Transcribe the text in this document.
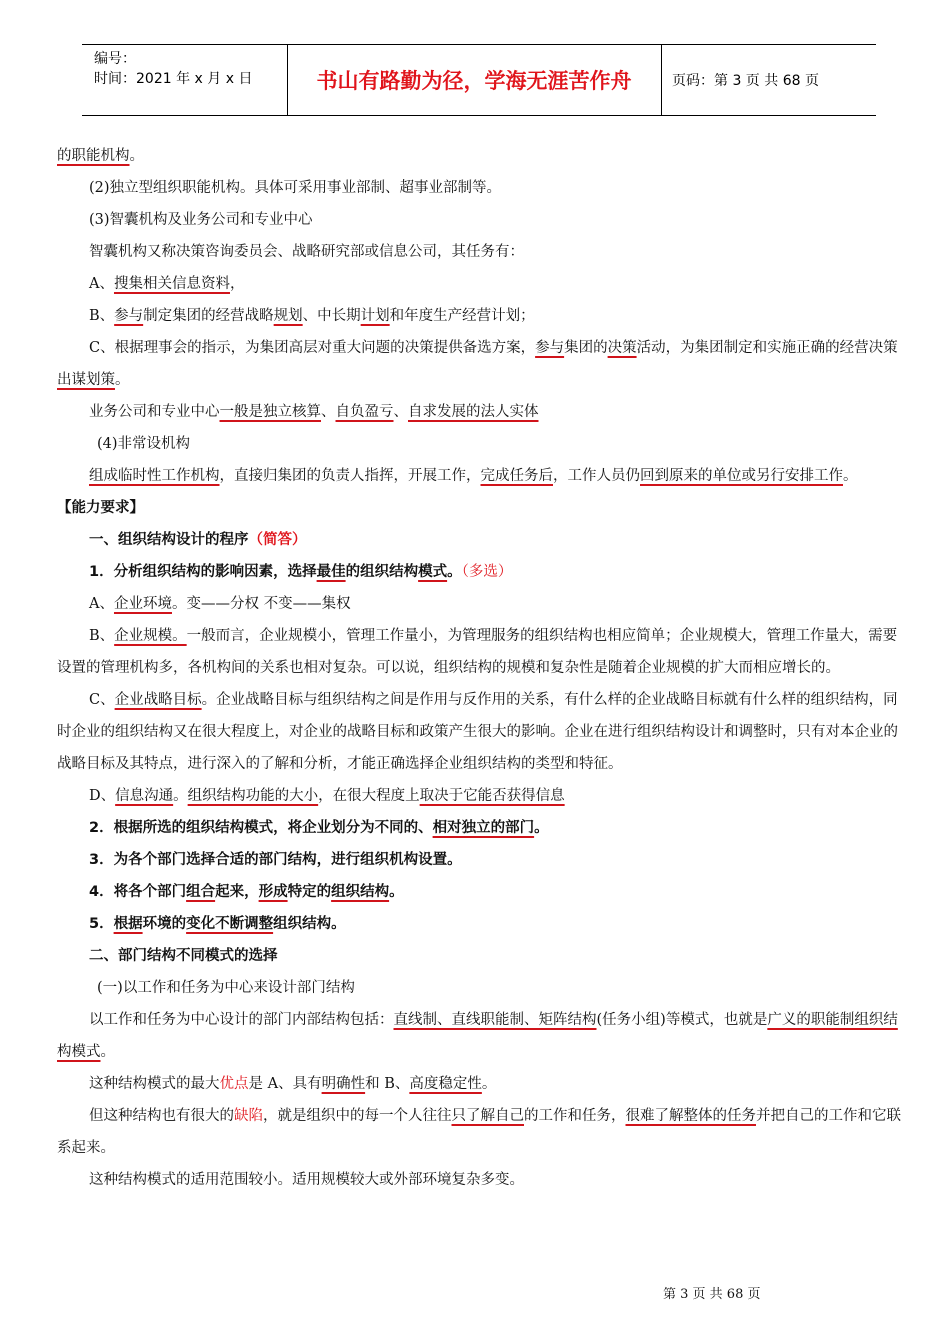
编号：
时间：2021 年 x 月 x 日	书山有路勤为径，学海无涯苦作舟	页码：第 3 页 共 68 页

的职能机构。

(2)独立型组织职能机构。具体可采用事业部制、超事业部制等。

(3)智囊机构及业务公司和专业中心

智囊机构又称决策咨询委员会、战略研究部或信息公司，其任务有：

A、搜集相关信息资料，

B、参与制定集团的经营战略规划、中长期计划和年度生产经营计划；

C、根据理事会的指示，为集团高层对重大问题的决策提供备选方案，参与集团的决策活动，为集团制定和实施正确的经营决策出谋划策。

业务公司和专业中心一般是独立核算、自负盈亏、自求发展的法人实体

(4)非常设机构

组成临时性工作机构，直接归集团的负责人指挥，开展工作，完成任务后，工作人员仍回到原来的单位或另行安排工作。

【能力要求】

一、组织结构设计的程序（简答）

1．分析组织结构的影响因素，选择最佳的组织结构模式。（多选）

A、企业环境。变——分权 不变——集权

B、企业规模。一般而言，企业规模小，管理工作量小，为管理服务的组织结构也相应简单；企业规模大，管理工作量大，需要设置的管理机构多，各机构间的关系也相对复杂。可以说，组织结构的规模和复杂性是随着企业规模的扩大而相应增长的。

C、企业战略目标。企业战略目标与组织结构之间是作用与反作用的关系，有什么样的企业战略目标就有什么样的组织结构，同时企业的组织结构又在很大程度上，对企业的战略目标和政策产生很大的影响。企业在进行组织结构设计和调整时，只有对本企业的战略目标及其特点，进行深入的了解和分析，才能正确选择企业组织结构的类型和特征。

D、信息沟通。组织结构功能的大小，在很大程度上取决于它能否获得信息

2．根据所选的组织结构模式，将企业划分为不同的、相对独立的部门。

3．为各个部门选择合适的部门结构，进行组织机构设置。

4．将各个部门组合起来，形成特定的组织结构。

5．根据环境的变化不断调整组织结构。

二、部门结构不同模式的选择

(一)以工作和任务为中心来设计部门结构

以工作和任务为中心设计的部门内部结构包括：直线制、直线职能制、矩阵结构(任务小组)等模式，也就是广义的职能制组织结构模式。

这种结构模式的最大优点是 A、具有明确性和 B、高度稳定性。

但这种结构也有很大的缺陷，就是组织中的每一个人往往只了解自己的工作和任务，很难了解整体的任务并把自己的工作和它联系起来。

这种结构模式的适用范围较小。适用规模较大或外部环境复杂多变。

第 3 页 共 68 页
